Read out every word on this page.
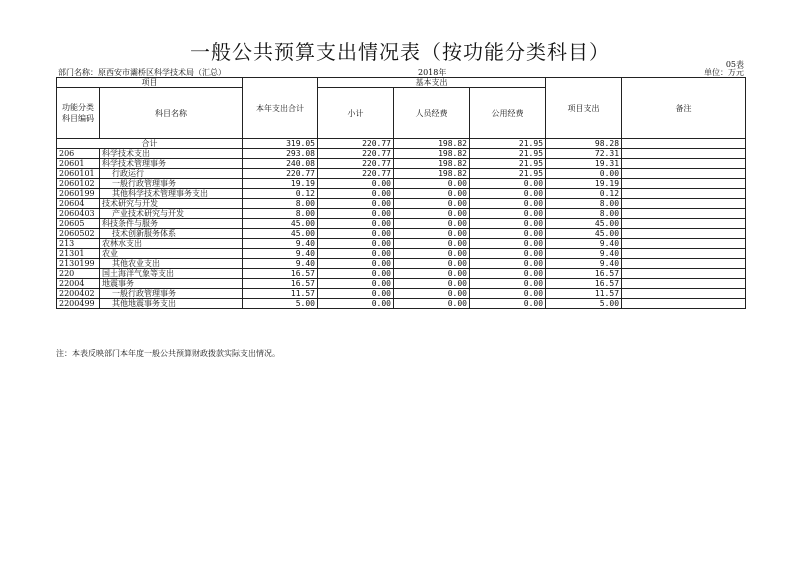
一般公共预算支出情况表（按功能分类科目）
05表
部门名称：原西安市灞桥区科学技术局（汇总）	2018年	单位：万元
项目		本年支出合计	基本支出			项目支出	备注
功能分类科目编码	科目名称		小计	人员经费	公用经费		
合计		319.05	220.77	198.82	21.95	98.28	
206	科学技术支出	293.08	220.77	198.82	21.95	72.31	
20601	科学技术管理事务	240.08	220.77	198.82	21.95	19.31	
2060101	行政运行	220.77	220.77	198.82	21.95	0.00	
2060102	一般行政管理事务	19.19	0.00	0.00	0.00	19.19	
2060199	其他科学技术管理事务支出	0.12	0.00	0.00	0.00	0.12	
20604	技术研究与开发	8.00	0.00	0.00	0.00	8.00	
2060403	产业技术研究与开发	8.00	0.00	0.00	0.00	8.00	
20605	科技条件与服务	45.00	0.00	0.00	0.00	45.00	
2060502	技术创新服务体系	45.00	0.00	0.00	0.00	45.00	
213	农林水支出	9.40	0.00	0.00	0.00	9.40	
21301	农业	9.40	0.00	0.00	0.00	9.40	
2130199	其他农业支出	9.40	0.00	0.00	0.00	9.40	
220	国土海洋气象等支出	16.57	0.00	0.00	0.00	16.57	
22004	地震事务	16.57	0.00	0.00	0.00	16.57	
2200402	一般行政管理事务	11.57	0.00	0.00	0.00	11.57	
2200499	其他地震事务支出	5.00	0.00	0.00	0.00	5.00	
注：本表反映部门本年度一般公共预算财政拨款实际支出情况。
